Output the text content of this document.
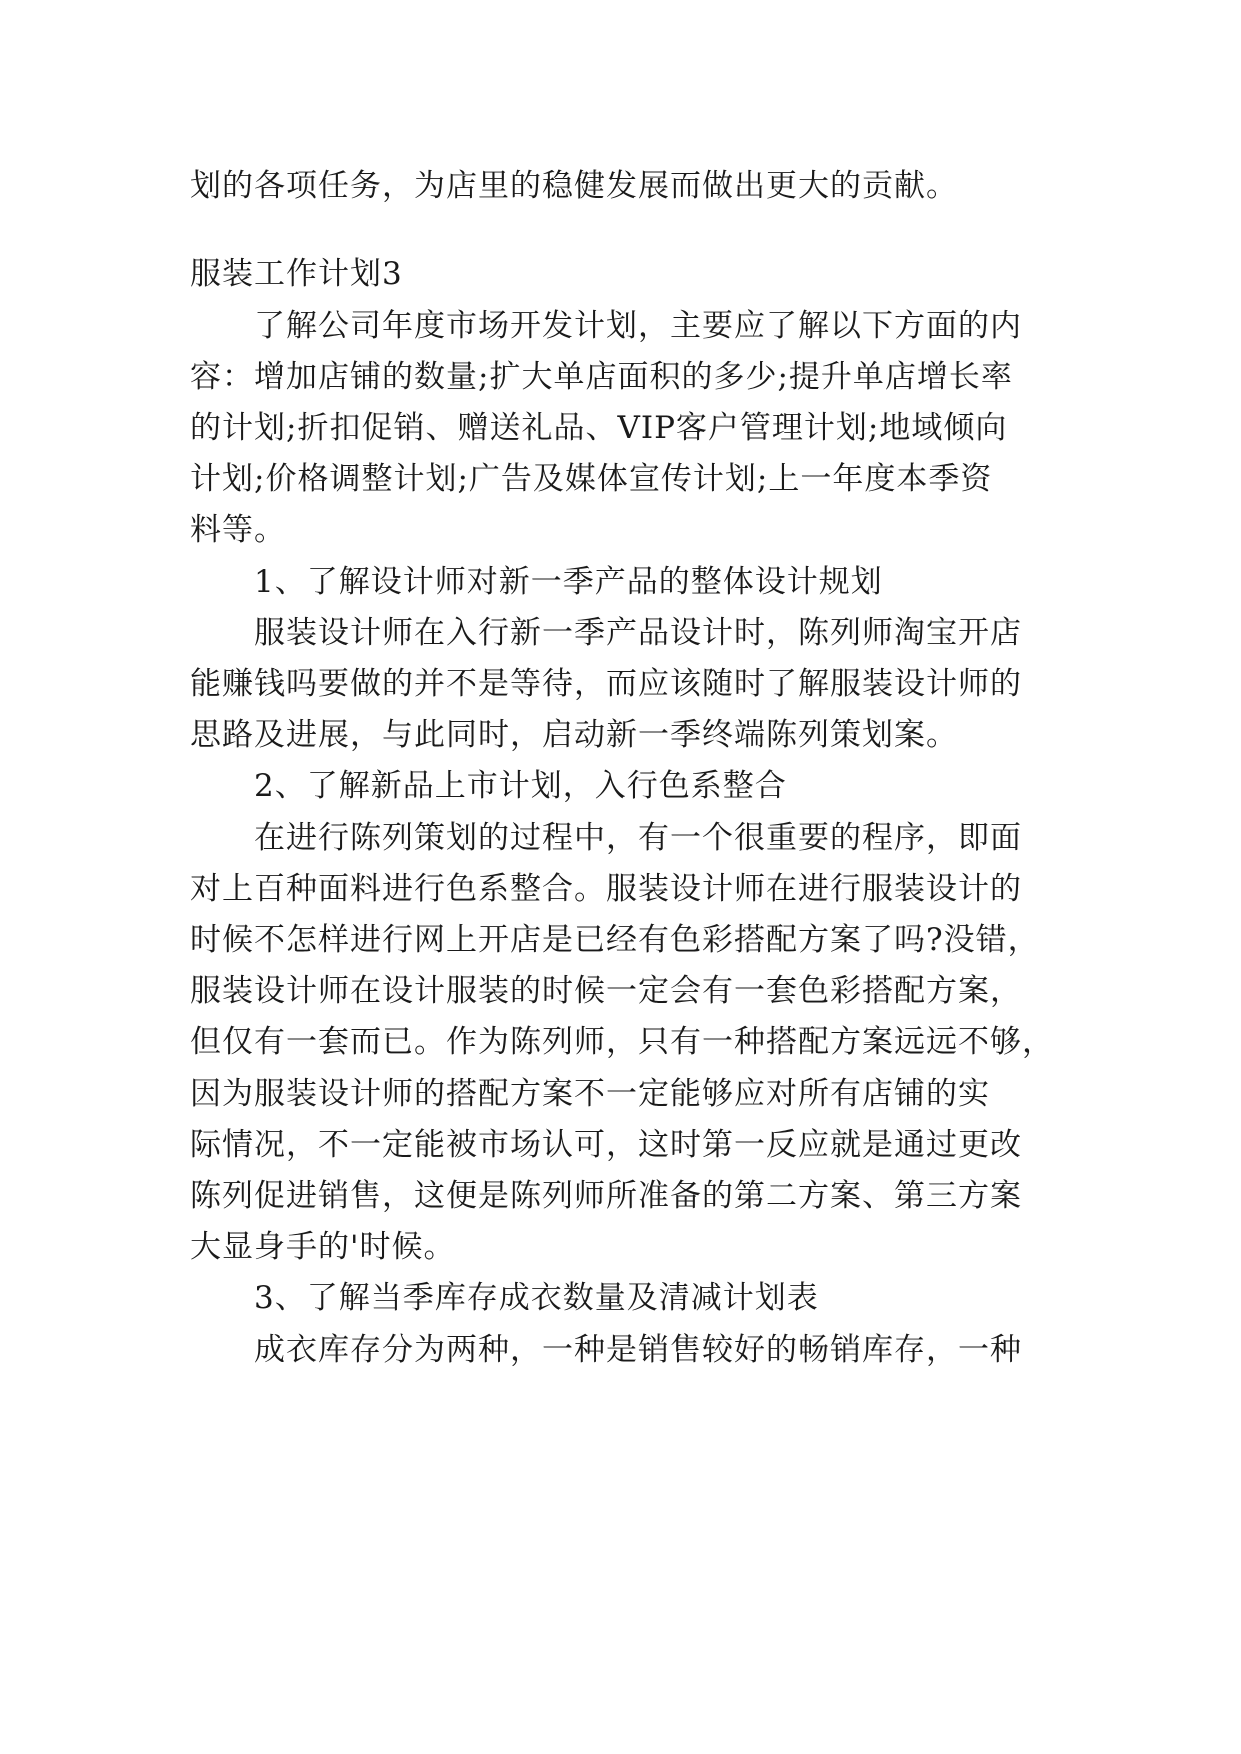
划的各项任务，为店里的稳健发展而做出更大的贡献。
服装工作计划3
了解公司年度市场开发计划，主要应了解以下方面的内
容：增加店铺的数量;扩大单店面积的多少;提升单店增长率
的计划;折扣促销、赠送礼品、VIP客户管理计划;地域倾向
计划;价格调整计划;广告及媒体宣传计划;上一年度本季资
料等。
1、了解设计师对新一季产品的整体设计规划
服装设计师在入行新一季产品设计时，陈列师淘宝开店
能赚钱吗要做的并不是等待，而应该随时了解服装设计师的
思路及进展，与此同时，启动新一季终端陈列策划案。
2、了解新品上市计划，入行色系整合
在进行陈列策划的过程中，有一个很重要的程序，即面
对上百种面料进行色系整合。服装设计师在进行服装设计的
时候不怎样进行网上开店是已经有色彩搭配方案了吗?没错，
服装设计师在设计服装的时候一定会有一套色彩搭配方案，
但仅有一套而已。作为陈列师，只有一种搭配方案远远不够，
因为服装设计师的搭配方案不一定能够应对所有店铺的实
际情况，不一定能被市场认可，这时第一反应就是通过更改
陈列促进销售，这便是陈列师所准备的第二方案、第三方案
大显身手的'时候。
3、了解当季库存成衣数量及清减计划表
成衣库存分为两种，一种是销售较好的畅销库存，一种
